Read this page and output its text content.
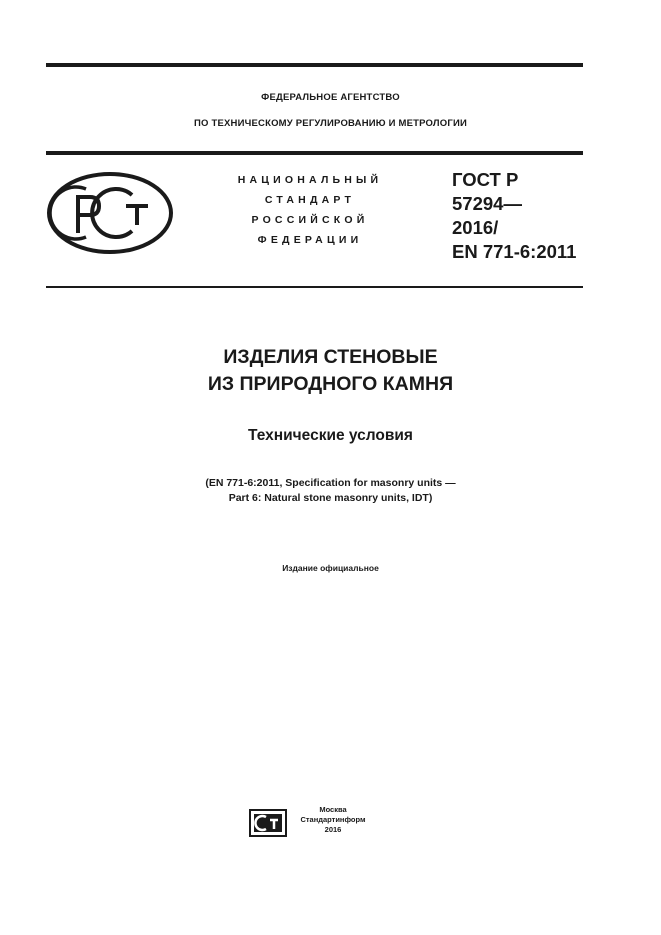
ФЕДЕРАЛЬНОЕ АГЕНТСТВО
ПО ТЕХНИЧЕСКОМУ РЕГУЛИРОВАНИЮ И МЕТРОЛОГИИ
НАЦИОНАЛЬНЫЙ
СТАНДАРТ
РОССИЙСКОЙ
ФЕДЕРАЦИИ
ГОСТ Р
57294—
2016/
EN 771-6:2011
ИЗДЕЛИЯ СТЕНОВЫЕ
ИЗ ПРИРОДНОГО КАМНЯ
Технические условия
(EN 771-6:2011, Specification for masonry units —
Part 6: Natural stone masonry units, IDT)
Издание официальное
Москва
Стандартинформ
2016
